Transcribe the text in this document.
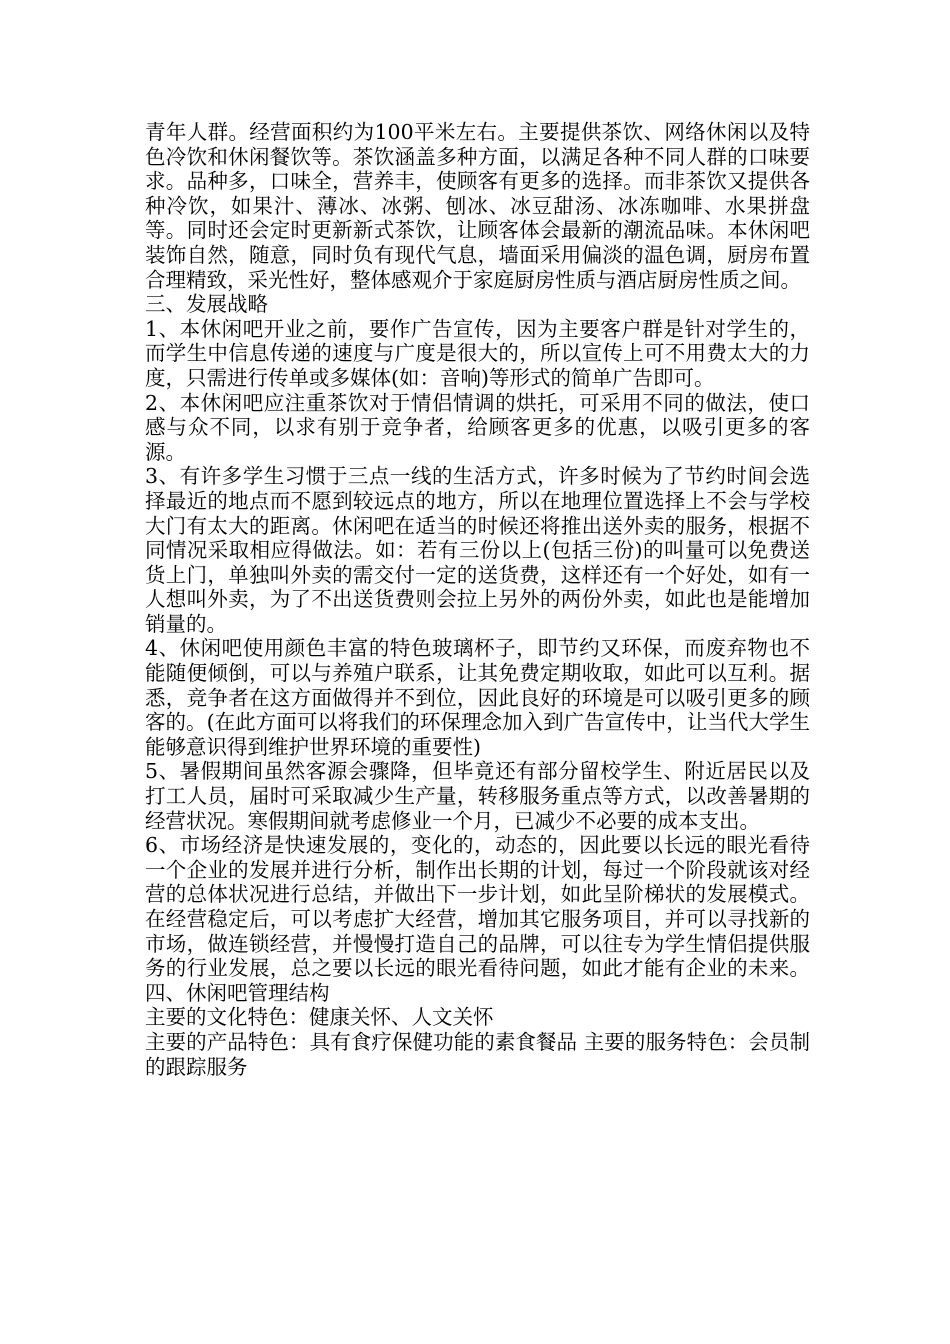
青年人群。经营面积约为100平米左右。主要提供茶饮、网络休闲以及特色冷饮和休闲餐饮等。茶饮涵盖多种方面，以满足各种不同人群的口味要求。品种多，口味全，营养丰，使顾客有更多的选择。而非茶饮又提供各种冷饮，如果汁、薄冰、冰粥、刨冰、冰豆甜汤、冰冻咖啡、水果拼盘等。同时还会定时更新新式茶饮，让顾客体会最新的潮流品味。本休闲吧装饰自然，随意，同时负有现代气息，墙面采用偏淡的温色调，厨房布置合理精致，采光性好，整体感观介于家庭厨房性质与酒店厨房性质之间。

三、发展战略

1、本休闲吧开业之前，要作广告宣传，因为主要客户群是针对学生的，而学生中信息传递的速度与广度是很大的，所以宣传上可不用费太大的力度，只需进行传单或多媒体(如：音响)等形式的简单广告即可。

2、本休闲吧应注重茶饮对于情侣情调的烘托，可采用不同的做法，使口感与众不同，以求有别于竞争者，给顾客更多的优惠，以吸引更多的客源。

3、有许多学生习惯于三点一线的生活方式，许多时候为了节约时间会选择最近的地点而不愿到较远点的地方，所以在地理位置选择上不会与学校大门有太大的距离。休闲吧在适当的时候还将推出送外卖的服务，根据不同情况采取相应得做法。如：若有三份以上(包括三份)的叫量可以免费送货上门，单独叫外卖的需交付一定的送货费，这样还有一个好处，如有一人想叫外卖，为了不出送货费则会拉上另外的两份外卖，如此也是能增加销量的。

4、休闲吧使用颜色丰富的特色玻璃杯子，即节约又环保，而废弃物也不能随便倾倒，可以与养殖户联系，让其免费定期收取，如此可以互利。据悉，竞争者在这方面做得并不到位，因此良好的环境是可以吸引更多的顾客的。(在此方面可以将我们的环保理念加入到广告宣传中，让当代大学生能够意识得到维护世界环境的重要性)

5、暑假期间虽然客源会骤降，但毕竟还有部分留校学生、附近居民以及打工人员，届时可采取减少生产量，转移服务重点等方式，以改善暑期的经营状况。寒假期间就考虑修业一个月，已减少不必要的成本支出。

6、市场经济是快速发展的，变化的，动态的，因此要以长远的眼光看待一个企业的发展并进行分析，制作出长期的计划，每过一个阶段就该对经营的总体状况进行总结，并做出下一步计划，如此呈阶梯状的发展模式。在经营稳定后，可以考虑扩大经营，增加其它服务项目，并可以寻找新的市场，做连锁经营，并慢慢打造自己的品牌，可以往专为学生情侣提供服务的行业发展，总之要以长远的眼光看待问题，如此才能有企业的未来。 四、休闲吧管理结构

主要的文化特色：健康关怀、人文关怀

主要的产品特色：具有食疗保健功能的素食餐品 主要的服务特色：会员制的跟踪服务
